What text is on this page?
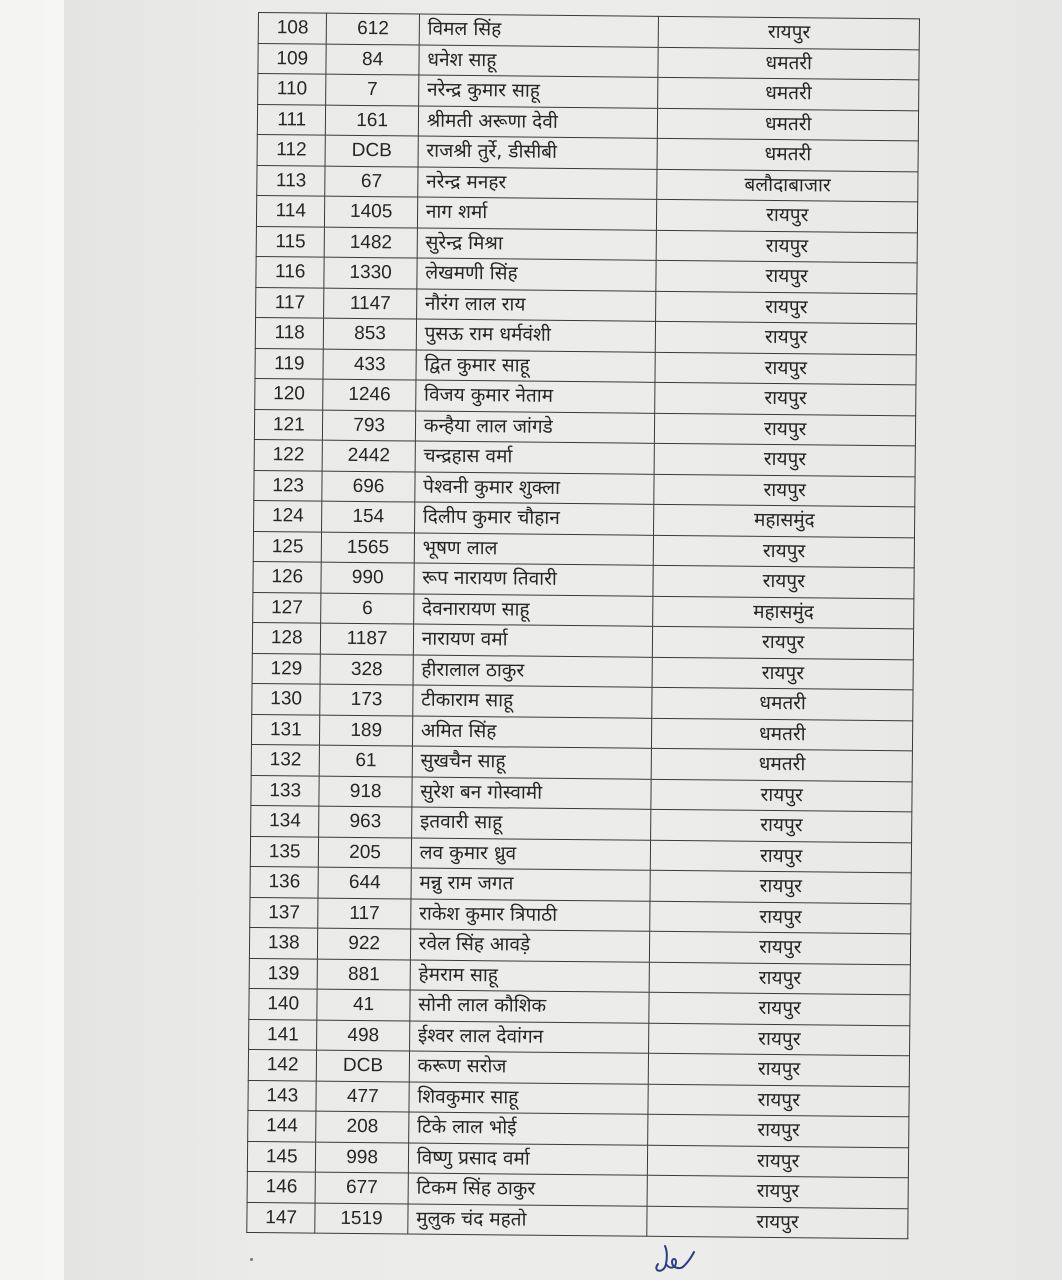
108	612	विमल सिंह	रायपुर
109	84	धनेश साहू	धमतरी
110	7	नरेन्द्र कुमार साहू	धमतरी
111	161	श्रीमती अरूणा देवी	धमतरी
112	DCB	राजश्री तुर्रे, डीसीबी	धमतरी
113	67	नरेन्द्र मनहर	बलौदाबाजार
114	1405	नाग शर्मा	रायपुर
115	1482	सुरेन्द्र मिश्रा	रायपुर
116	1330	लेखमणी सिंह	रायपुर
117	1147	नौरंग लाल राय	रायपुर
118	853	पुसऊ राम धर्मवंशी	रायपुर
119	433	द्वित कुमार साहू	रायपुर
120	1246	विजय कुमार नेताम	रायपुर
121	793	कन्हैया लाल जांगडे	रायपुर
122	2442	चन्द्रहास वर्मा	रायपुर
123	696	पेश्वनी कुमार शुक्ला	रायपुर
124	154	दिलीप कुमार चौहान	महासमुंद
125	1565	भूषण लाल	रायपुर
126	990	रूप नारायण तिवारी	रायपुर
127	6	देवनारायण साहू	महासमुंद
128	1187	नारायण वर्मा	रायपुर
129	328	हीरालाल ठाकुर	रायपुर
130	173	टीकाराम साहू	धमतरी
131	189	अमित सिंह	धमतरी
132	61	सुखचैन साहू	धमतरी
133	918	सुरेश बन गोस्वामी	रायपुर
134	963	इतवारी साहू	रायपुर
135	205	लव कुमार ध्रुव	रायपुर
136	644	मन्नु राम जगत	रायपुर
137	117	राकेश कुमार त्रिपाठी	रायपुर
138	922	रवेल सिंह आवड़े	रायपुर
139	881	हेमराम साहू	रायपुर
140	41	सोनी लाल कौशिक	रायपुर
141	498	ईश्वर लाल देवांगन	रायपुर
142	DCB	करूण सरोज	रायपुर
143	477	शिवकुमार साहू	रायपुर
144	208	टिके लाल भोई	रायपुर
145	998	विष्णु प्रसाद वर्मा	रायपुर
146	677	टिकम सिंह ठाकुर	रायपुर
147	1519	मुलुक चंद महतो	रायपुर
